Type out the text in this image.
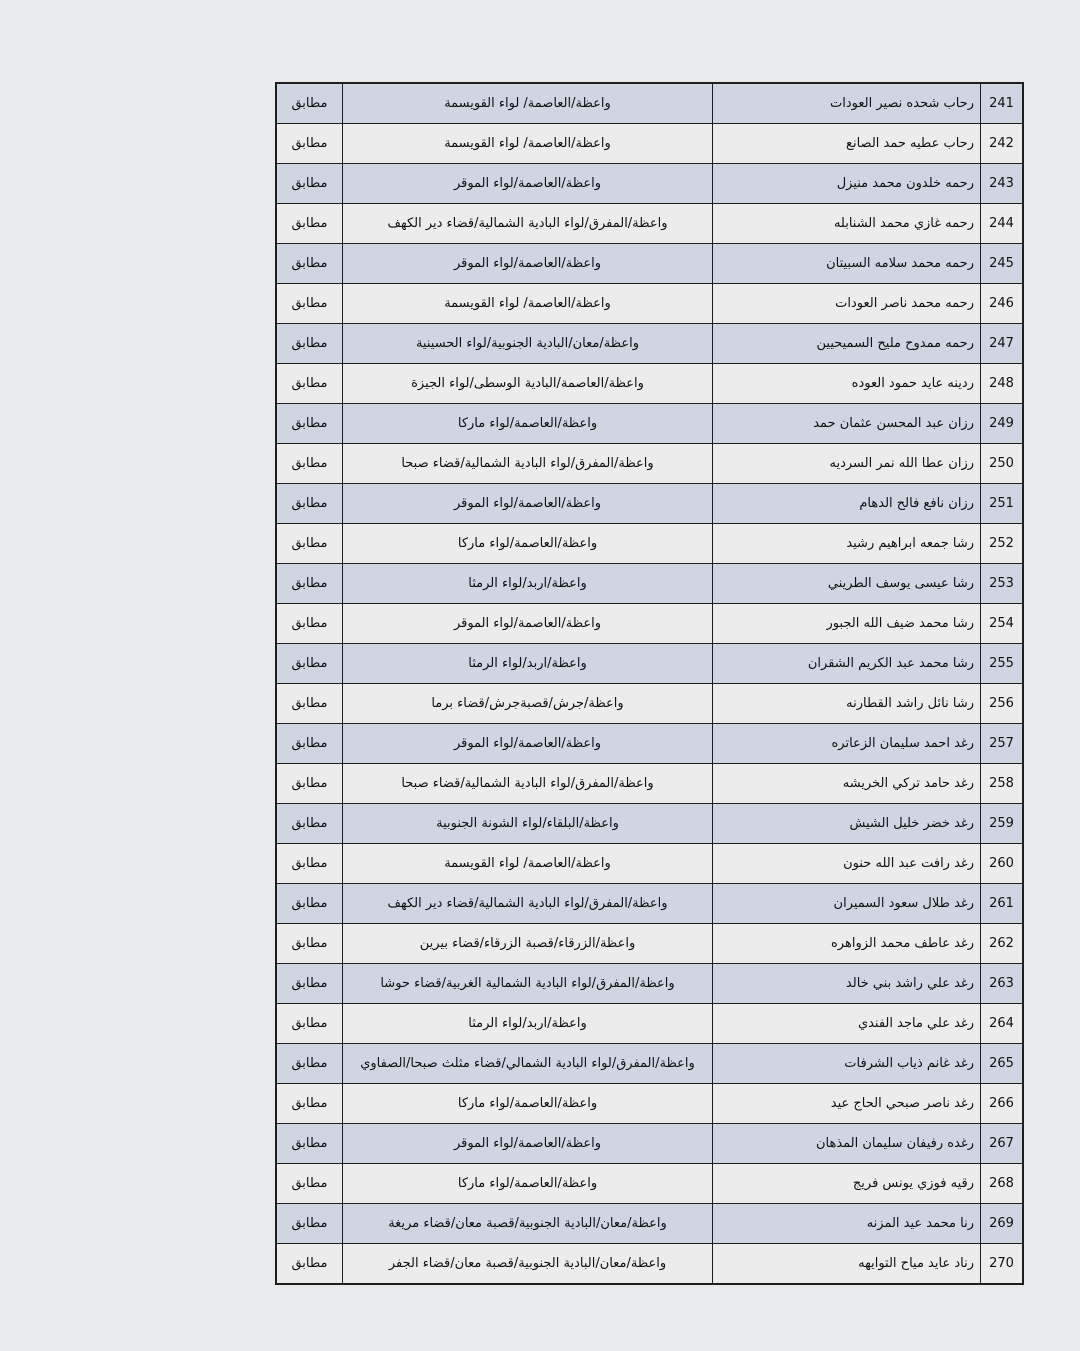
241	رحاب شحده نصير العودات	واعظة/العاصمة/ لواء القويسمة	مطابق
242	رحاب عطيه حمد الصانع	واعظة/العاصمة/ لواء القويسمة	مطابق
243	رحمه خلدون محمد منيزل	واعظة/العاصمة/لواء الموقر	مطابق
244	رحمه غازي محمد الشنابله	واعظة/المفرق/لواء البادية الشمالية/قضاء دير الكهف	مطابق
245	رحمه محمد سلامه السبيتان	واعظة/العاصمة/لواء الموقر	مطابق
246	رحمه محمد ناصر العودات	واعظة/العاصمة/ لواء القويسمة	مطابق
247	رحمه ممدوح مليح السميحيين	واعظة/معان/البادية الجنوبية/لواء الحسينية	مطابق
248	ردينه عايد حمود العوده	واعظة/العاصمة/البادية الوسطى/لواء الجيزة	مطابق
249	رزان عبد المحسن عثمان حمد	واعظة/العاصمة/لواء ماركا	مطابق
250	رزان عطا الله نمر السرديه	واعظة/المفرق/لواء البادية الشمالية/قضاء صبحا	مطابق
251	رزان نافع فالح الدهام	واعظة/العاصمة/لواء الموقر	مطابق
252	رشا جمعه ابراهيم رشيد	واعظة/العاصمة/لواء ماركا	مطابق
253	رشا عيسى يوسف الطريني	واعظة/اربد/لواء الرمثا	مطابق
254	رشا محمد ضيف الله الجبور	واعظة/العاصمة/لواء الموقر	مطابق
255	رشا محمد عبد الكريم الشقران	واعظة/اربد/لواء الرمثا	مطابق
256	رشا نائل راشد القطارنه	واعظة/جرش/قصبةجرش/قضاء برما	مطابق
257	رغد احمد سليمان الزعاتره	واعظة/العاصمة/لواء الموقر	مطابق
258	رغد حامد تركي الخريشه	واعظة/المفرق/لواء البادية الشمالية/قضاء صبحا	مطابق
259	رغد خضر خليل الشيش	واعظة/البلقاء/لواء الشونة الجنوبية	مطابق
260	رغد رافت عبد الله حنون	واعظة/العاصمة/ لواء القويسمة	مطابق
261	رغد طلال سعود السميران	واعظة/المفرق/لواء البادية الشمالية/قضاء دير الكهف	مطابق
262	رغد عاطف محمد الزواهره	واعظة/الزرقاء/قصبة الزرقاء/قضاء بيرين	مطابق
263	رغد علي راشد بني خالد	واعظة/المفرق/لواء البادية الشمالية الغربية/قضاء حوشا	مطابق
264	رغد علي ماجد الفندي	واعظة/اربد/لواء الرمثا	مطابق
265	رغد غانم ذياب الشرفات	واعظة/المفرق/لواء البادية الشمالي/قضاء مثلث صبحا/الصفاوي	مطابق
266	رغد ناصر صبحي الحاج عيد	واعظة/العاصمة/لواء ماركا	مطابق
267	رغده رفيفان سليمان المذهان	واعظة/العاصمة/لواء الموقر	مطابق
268	رقيه فوزي يونس فريج	واعظة/العاصمة/لواء ماركا	مطابق
269	رنا محمد عيد المزنه	واعظة/معان/البادية الجنوبية/قصبة معان/قضاء مريغة	مطابق
270	رناد عايد مياح التوايهه	واعظة/معان/البادية الجنوبية/قصبة معان/قضاء الجفر	مطابق
